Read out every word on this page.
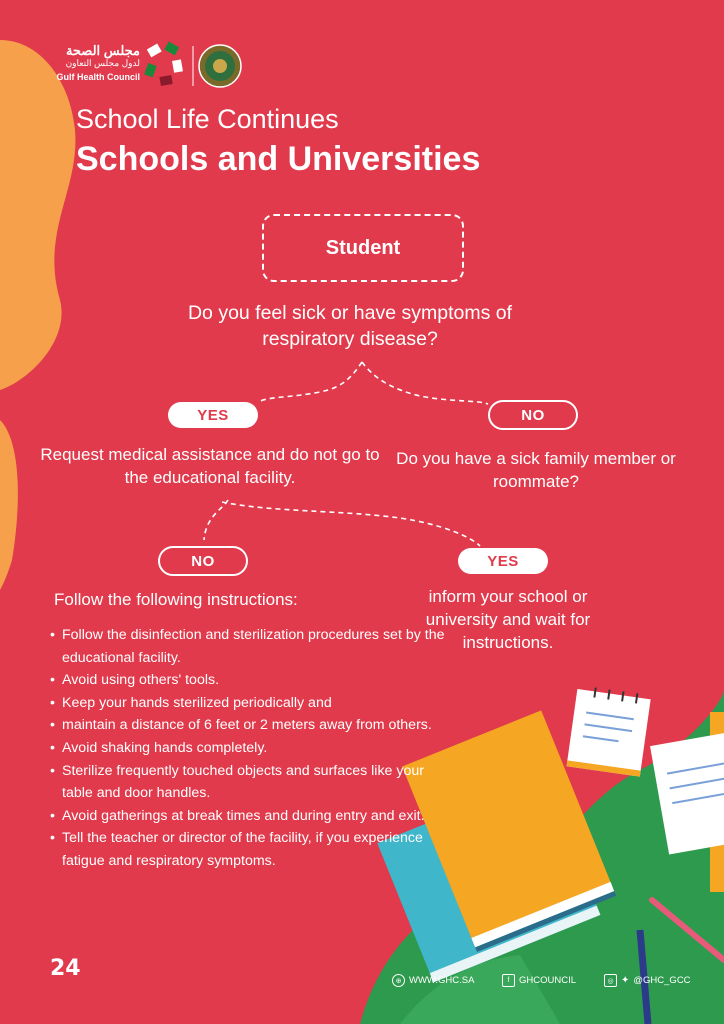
مجلس الصحة
لدول مجلس التعاون
Gulf Health Council
School Life Continues
Schools and Universities
Student
Do you feel sick or have symptoms of respiratory disease?
YES	NO
Request medical assistance and do not go to the educational facility.
Do you have a sick family member or roommate?
NO	YES
Follow the following instructions:	inform your school or university and wait for instructions.
• Follow the disinfection and sterilization procedures set by the educational facility.
• Avoid using others' tools.
• Keep your hands sterilized periodically and
• maintain a distance of 6 feet or 2 meters away from others.
• Avoid shaking hands completely.
• Sterilize frequently touched objects and surfaces like your table and door handles.
• Avoid gatherings at break times and during entry and exit.
• Tell the teacher or director of the facility, if you experience fatigue and respiratory symptoms.
24	⊕ WWW.GHC.SA	f	GHCOUNCIL	◎ ✦ @GHC_GCC
